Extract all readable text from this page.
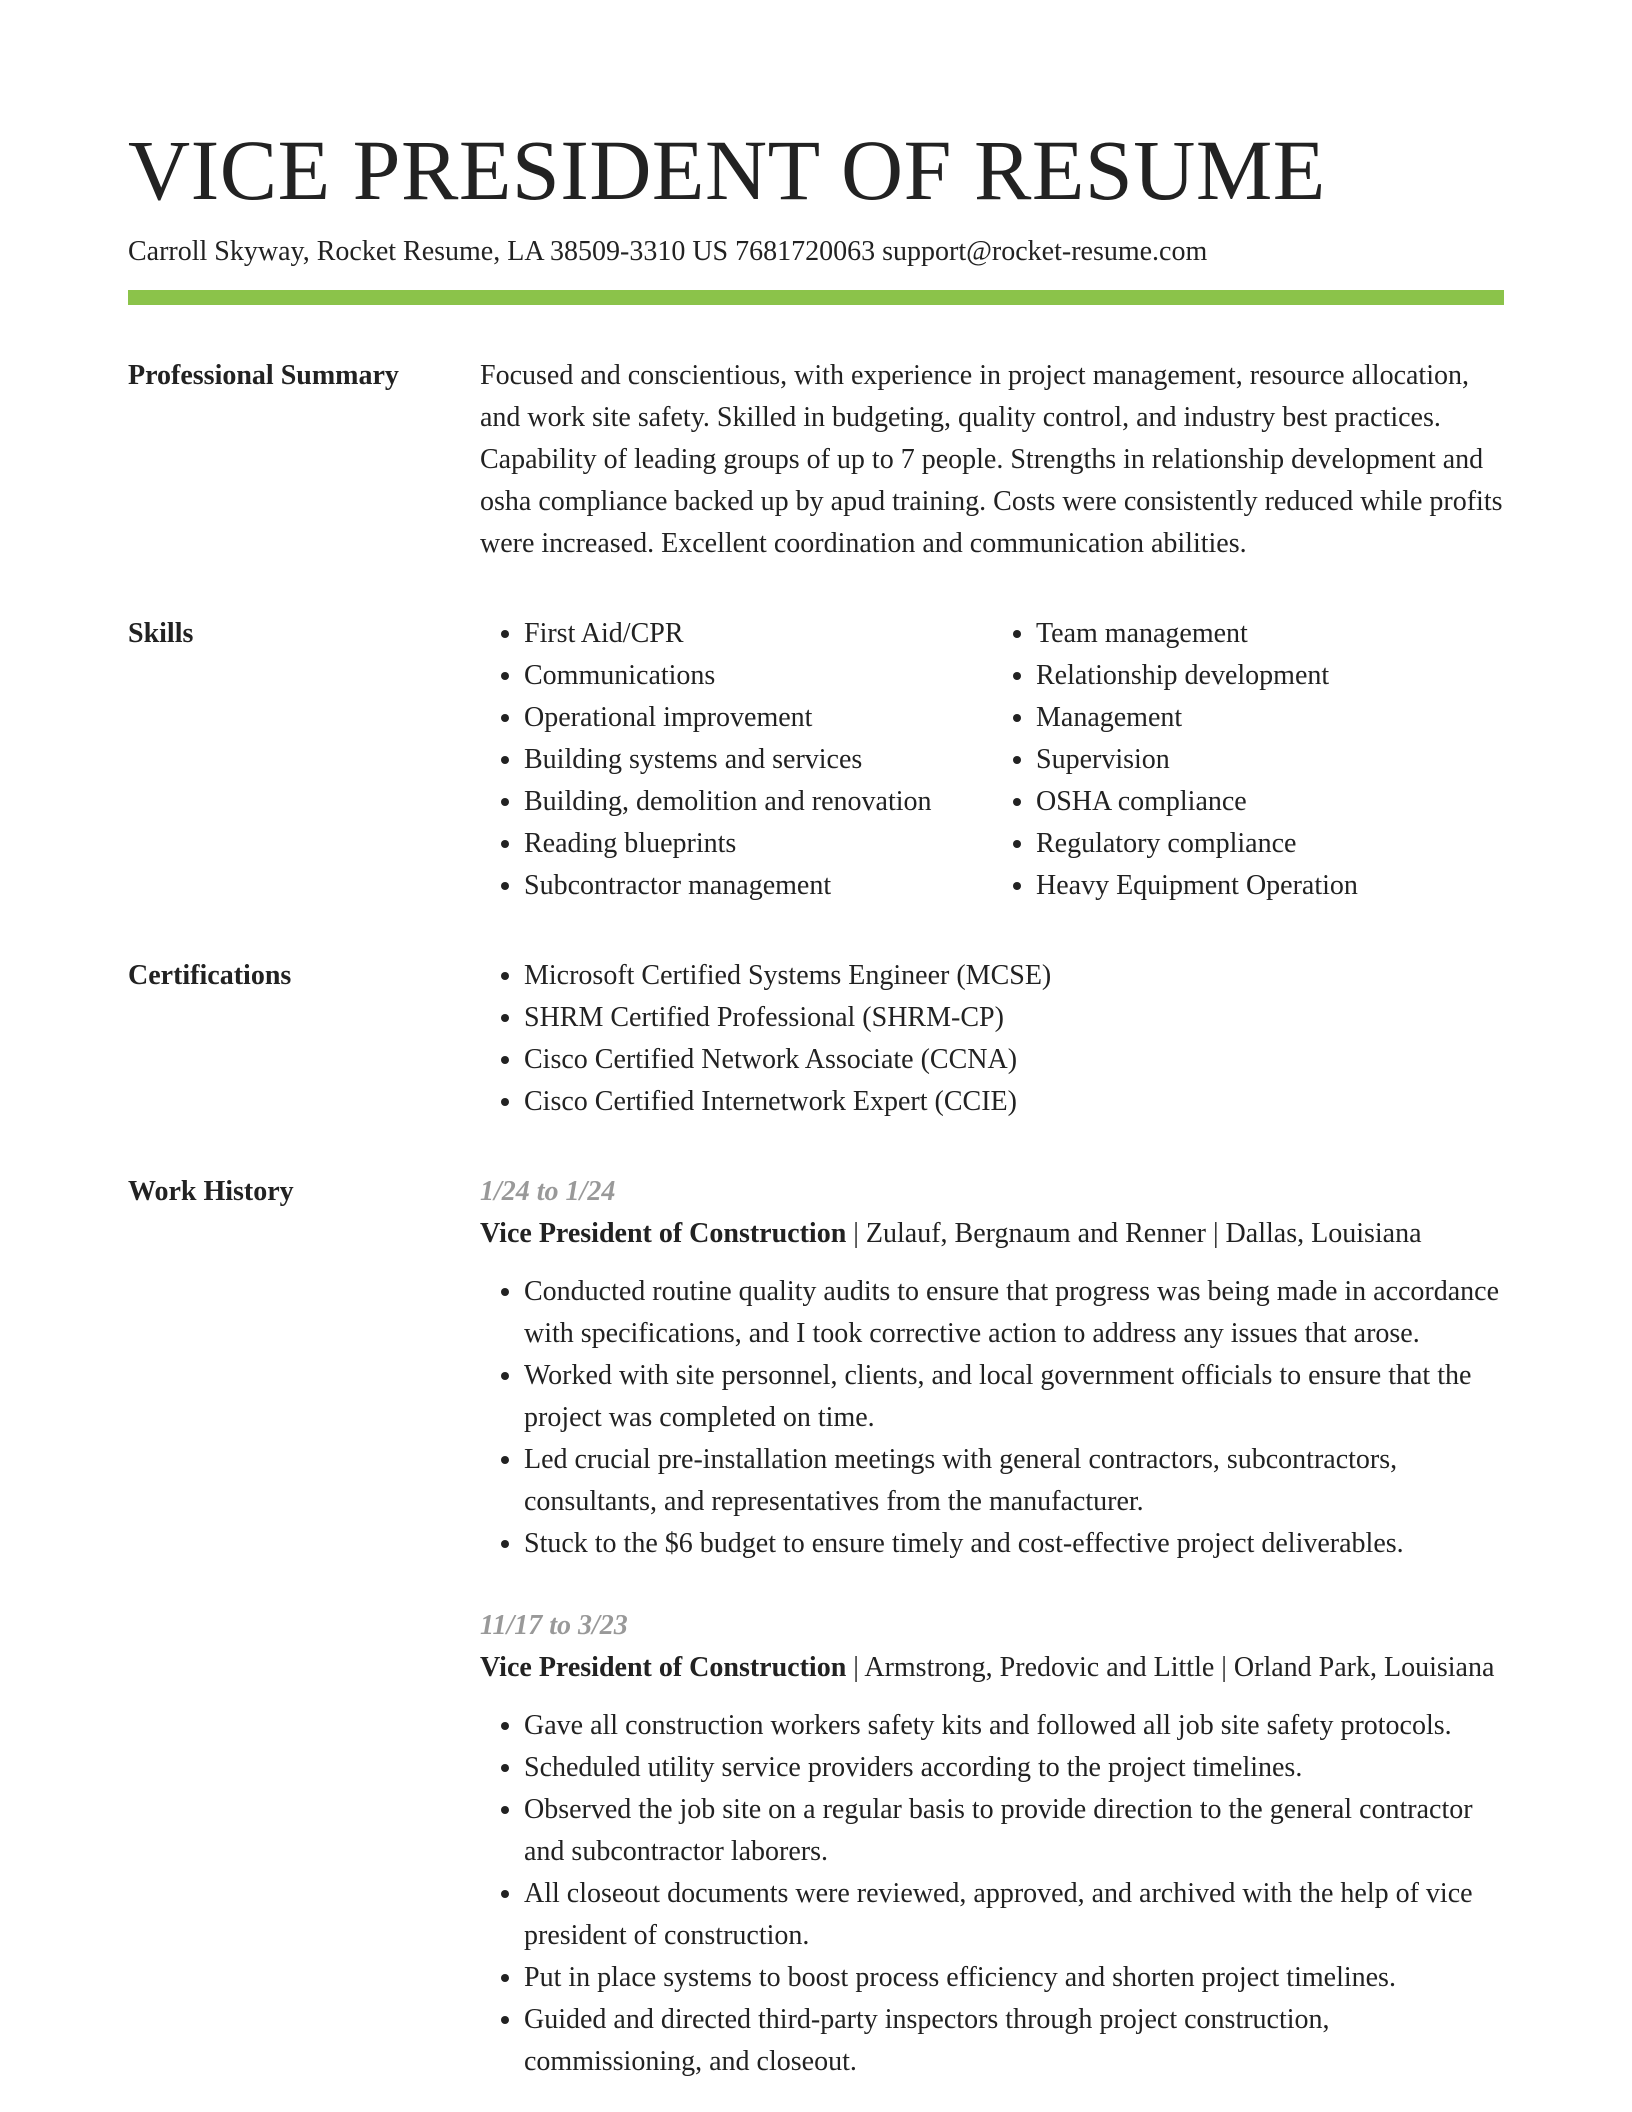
VICE PRESIDENT OF RESUME
Carroll Skyway, Rocket Resume, LA 38509-3310 US 7681720063 support@rocket-resume.com
Professional Summary	Focused and conscientious, with experience in project management, resource allocation, and work site safety. Skilled in budgeting, quality control, and industry best practices. Capability of leading groups of up to 7 people. Strengths in relationship development and osha compliance backed up by apud training. Costs were consistently reduced while profits were increased. Excellent coordination and communication abilities.

Skills	• First Aid/CPR
• Communications
• Operational improvement
• Building systems and services
• Building, demolition and renovation
• Reading blueprints
• Subcontractor management
• Team management
• Relationship development
• Management
• Supervision
• OSHA compliance
• Regulatory compliance
• Heavy Equipment Operation
Certifications	• Microsoft Certified Systems Engineer (MCSE)
• SHRM Certified Professional (SHRM-CP)
• Cisco Certified Network Associate (CCNA)
• Cisco Certified Internetwork Expert (CCIE)
Work History	1/24 to 1/24
Vice President of Construction | Zulauf, Bergnaum and Renner | Dallas, Louisiana
• Conducted routine quality audits to ensure that progress was being made in accordance with specifications, and I took corrective action to address any issues that arose.
• Worked with site personnel, clients, and local government officials to ensure that the project was completed on time.
• Led crucial pre-installation meetings with general contractors, subcontractors, consultants, and representatives from the manufacturer.
• Stuck to the $6 budget to ensure timely and cost-effective project deliverables.
11/17 to 3/23
Vice President of Construction | Armstrong, Predovic and Little | Orland Park, Louisiana
• Gave all construction workers safety kits and followed all job site safety protocols.
• Scheduled utility service providers according to the project timelines.
• Observed the job site on a regular basis to provide direction to the general contractor and subcontractor laborers.
• All closeout documents were reviewed, approved, and archived with the help of vice president of construction.
• Put in place systems to boost process efficiency and shorten project timelines.
• Guided and directed third-party inspectors through project construction, commissioning, and closeout.
